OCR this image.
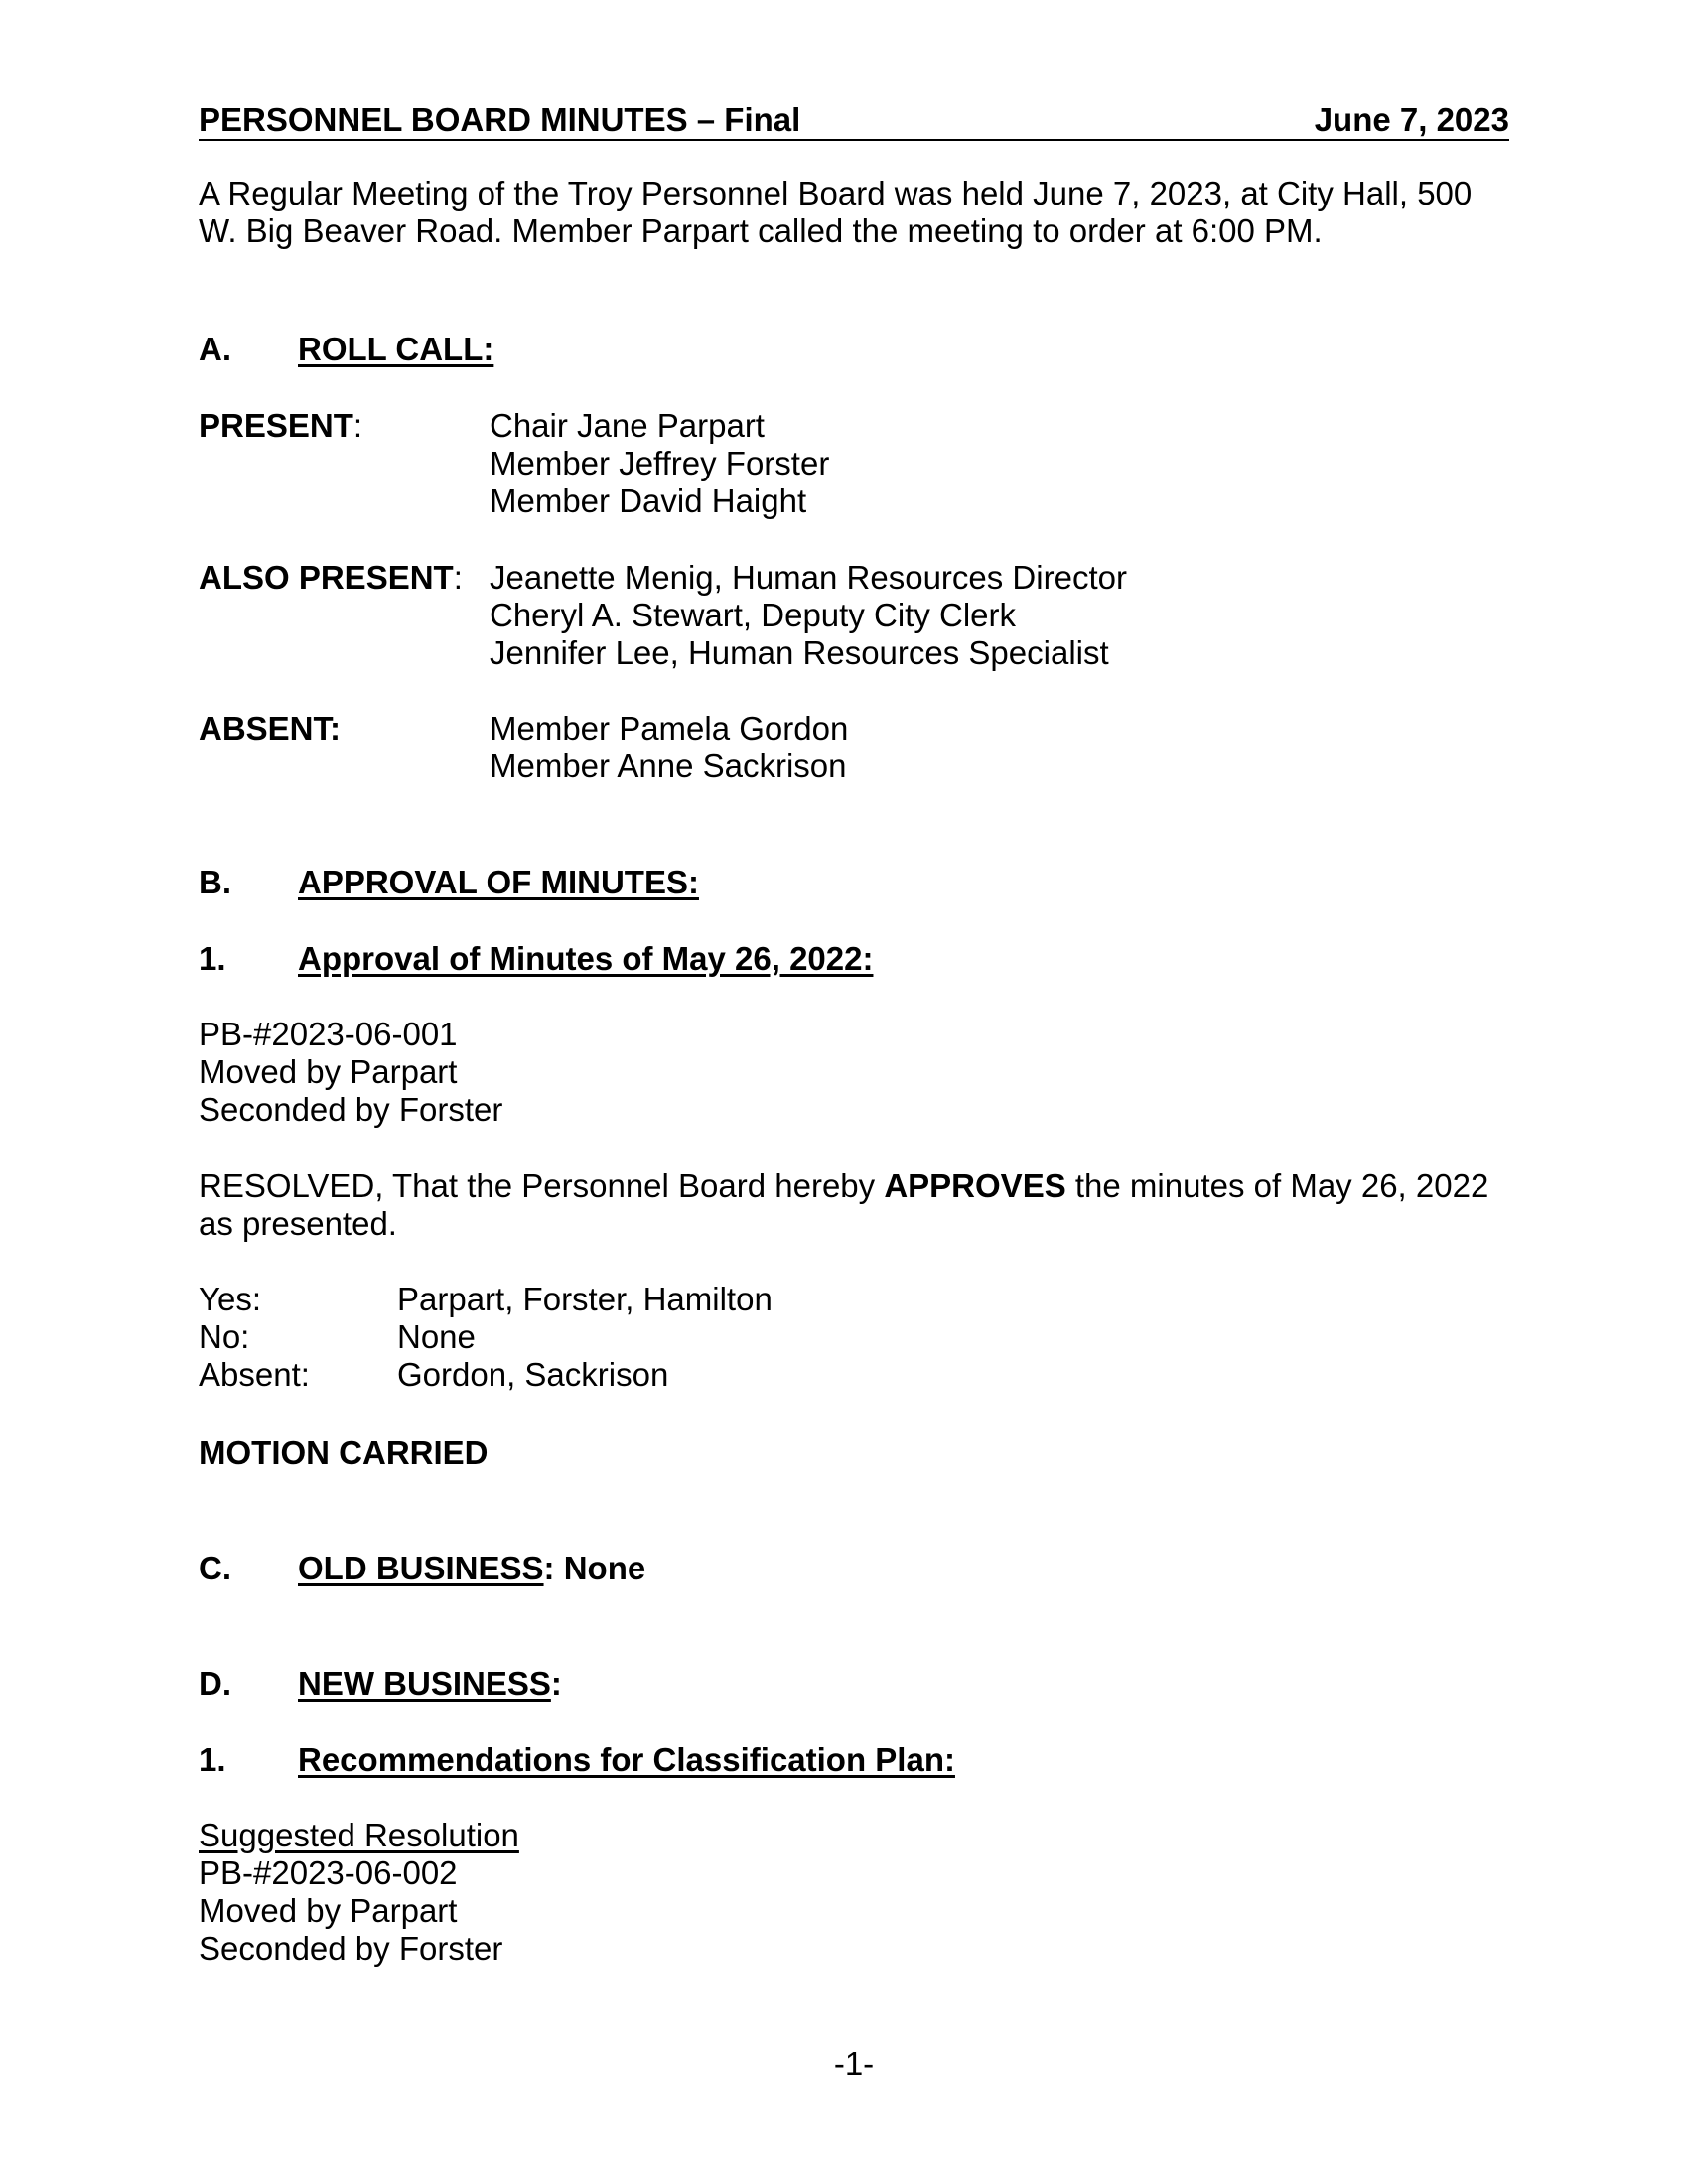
PERSONNEL BOARD MINUTES – Final	June 7, 2023
A Regular Meeting of the Troy Personnel Board was held June 7, 2023, at City Hall, 500
W. Big Beaver Road. Member Parpart called the meeting to order at 6:00 PM.
A.	ROLL CALL:
PRESENT:	Chair Jane Parpart
Member Jeffrey Forster
Member David Haight
ALSO PRESENT: Jeanette Menig, Human Resources Director
Cheryl A. Stewart, Deputy City Clerk
Jennifer Lee, Human Resources Specialist
ABSENT:	Member Pamela Gordon
Member Anne Sackrison
B.	APPROVAL OF MINUTES:
1.	Approval of Minutes of May 26, 2022:
PB-#2023-06-001
Moved by Parpart
Seconded by Forster
RESOLVED, That the Personnel Board hereby APPROVES the minutes of May 26, 2022
as presented.
Yes:	Parpart, Forster, Hamilton
No:	None
Absent:	Gordon, Sackrison
MOTION CARRIED
C.	OLD BUSINESS: None
D.	NEW BUSINESS:
1.	Recommendations for Classification Plan:
Suggested Resolution
PB-#2023-06-002
Moved by Parpart
Seconded by Forster
-1-
